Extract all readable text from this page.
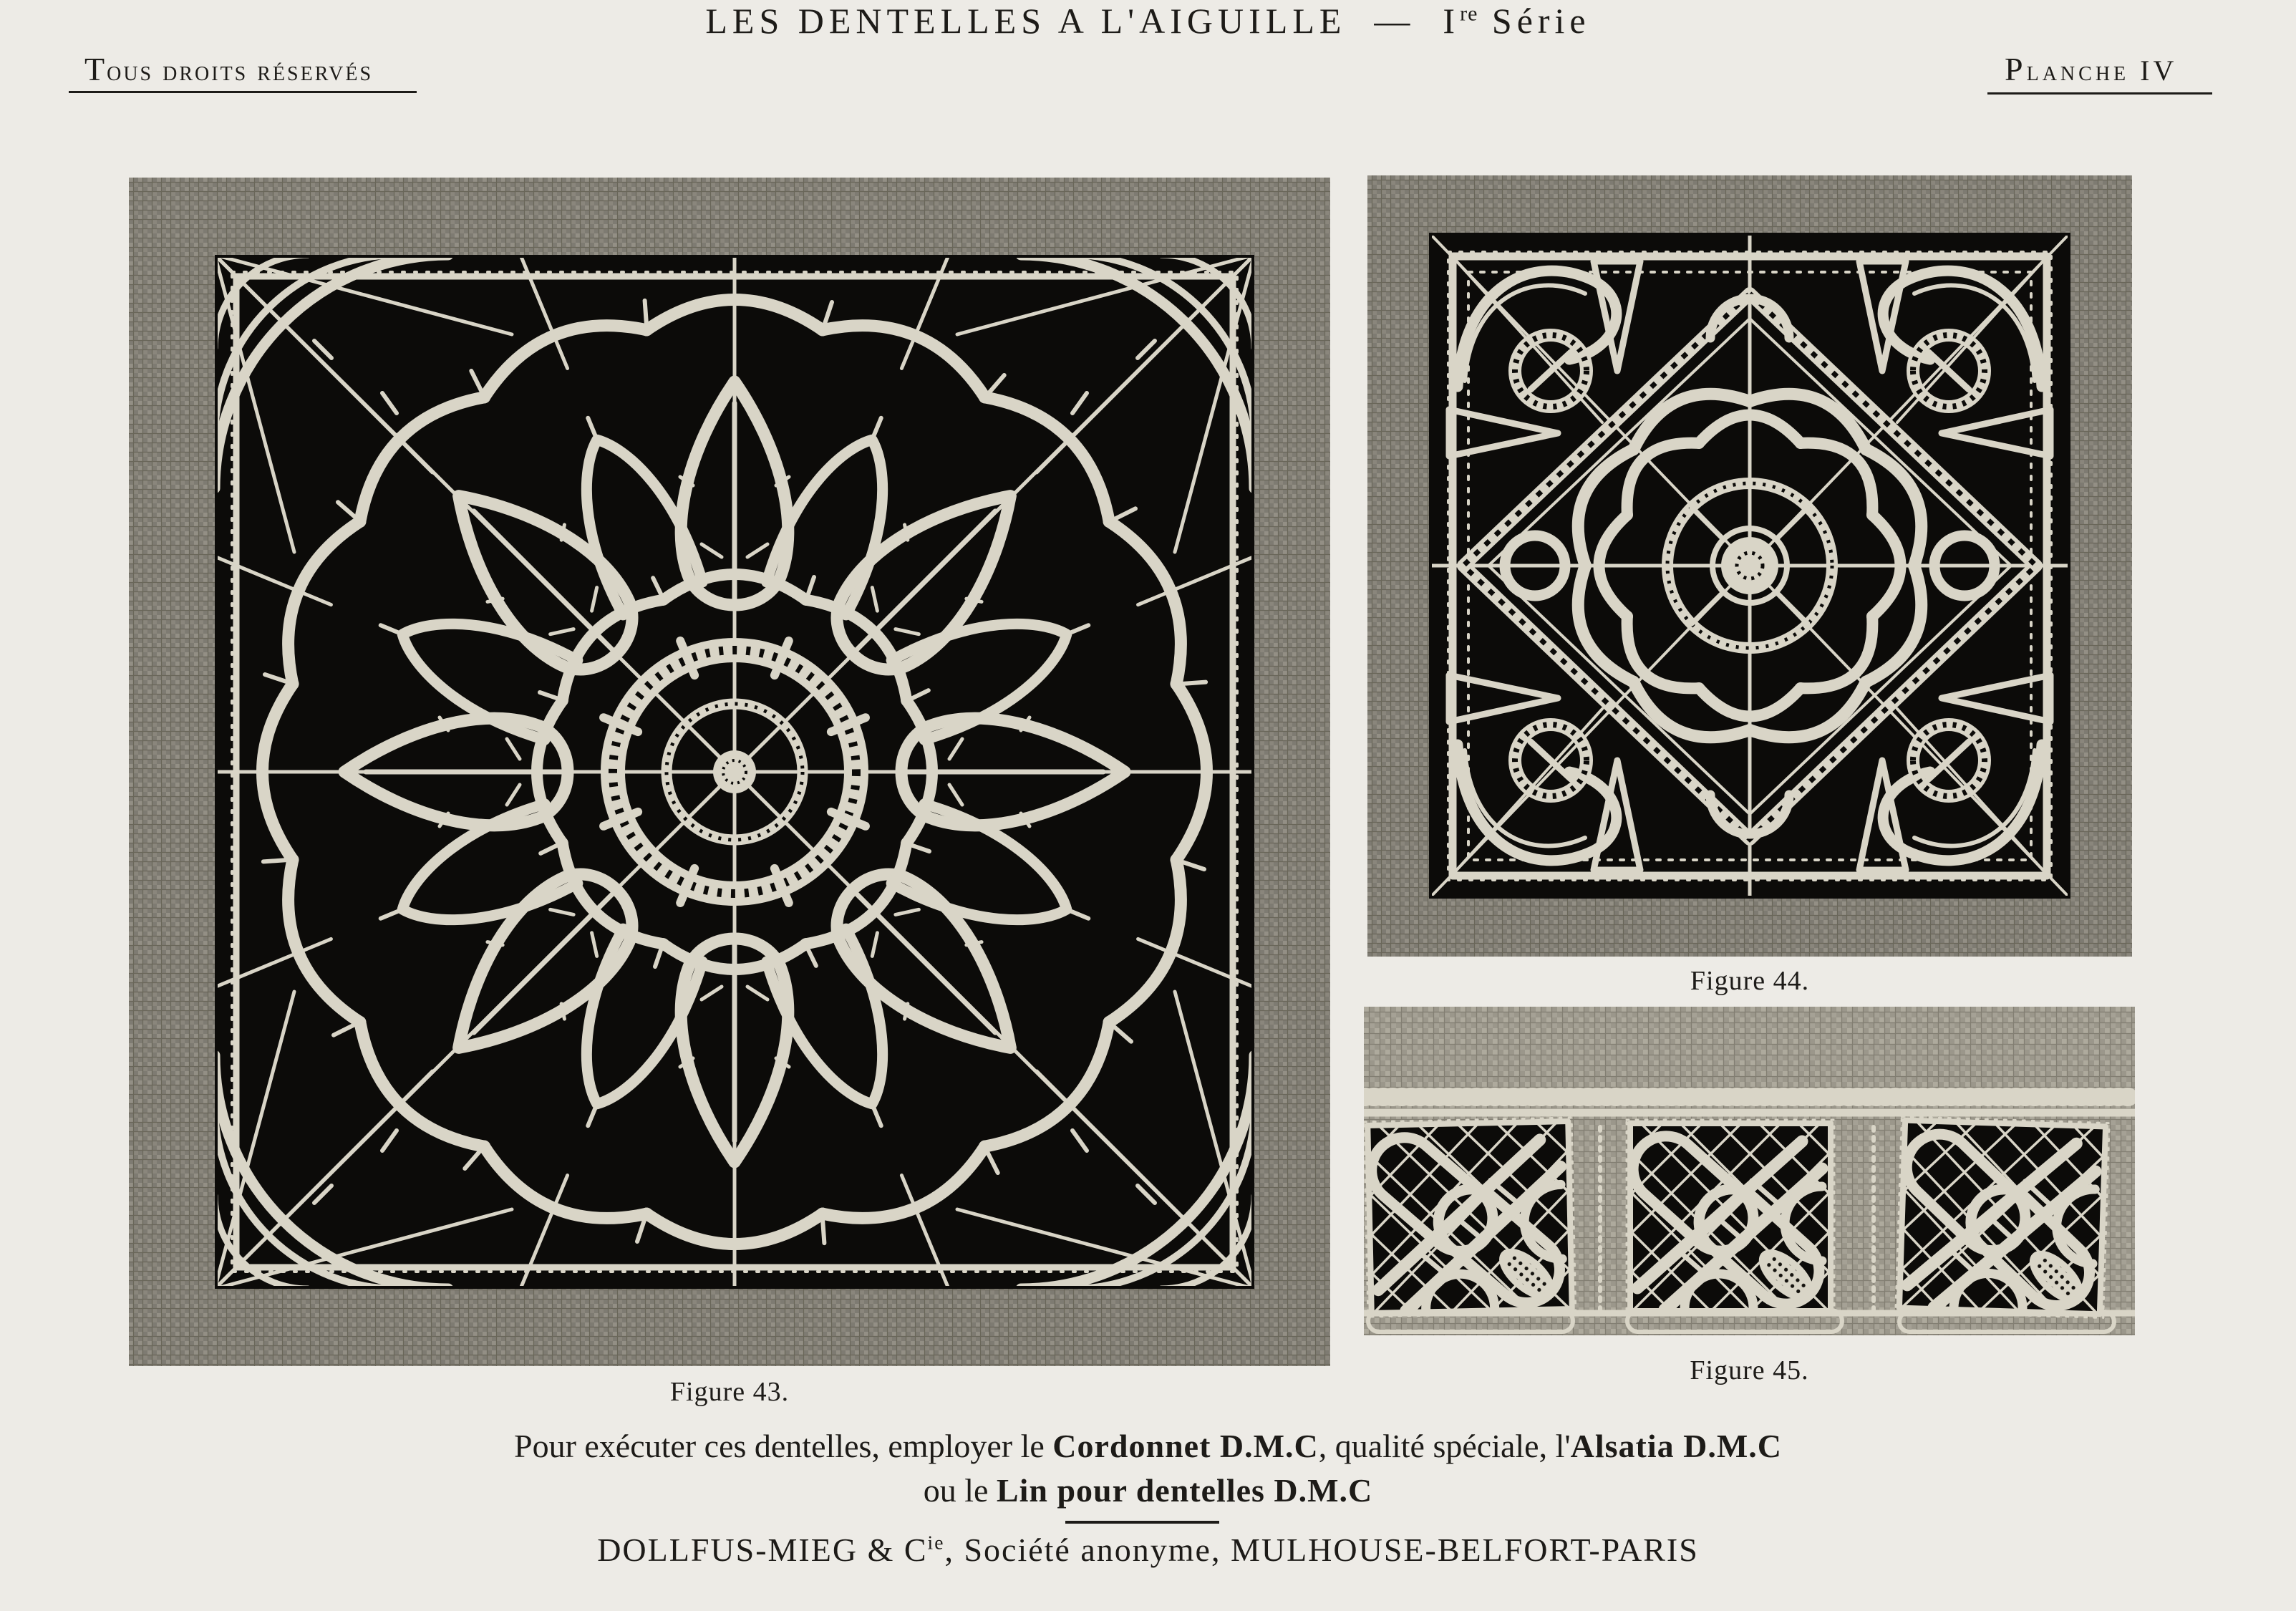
Tous droits réservés	Planche IV
LES DENTELLES A L'AIGUILLE — Ire Série
Figure 43.
Figure 44.
Figure 45.
Pour exécuter ces dentelles, employer le Cordonnet D.M.C, qualité spéciale, l'Alsatia D.M.C
ou le Lin pour dentelles D.M.C
DOLLFUS-MIEG & $C^{ie}$, Société anonyme, MULHOUSE-BELFORT-PARIS
